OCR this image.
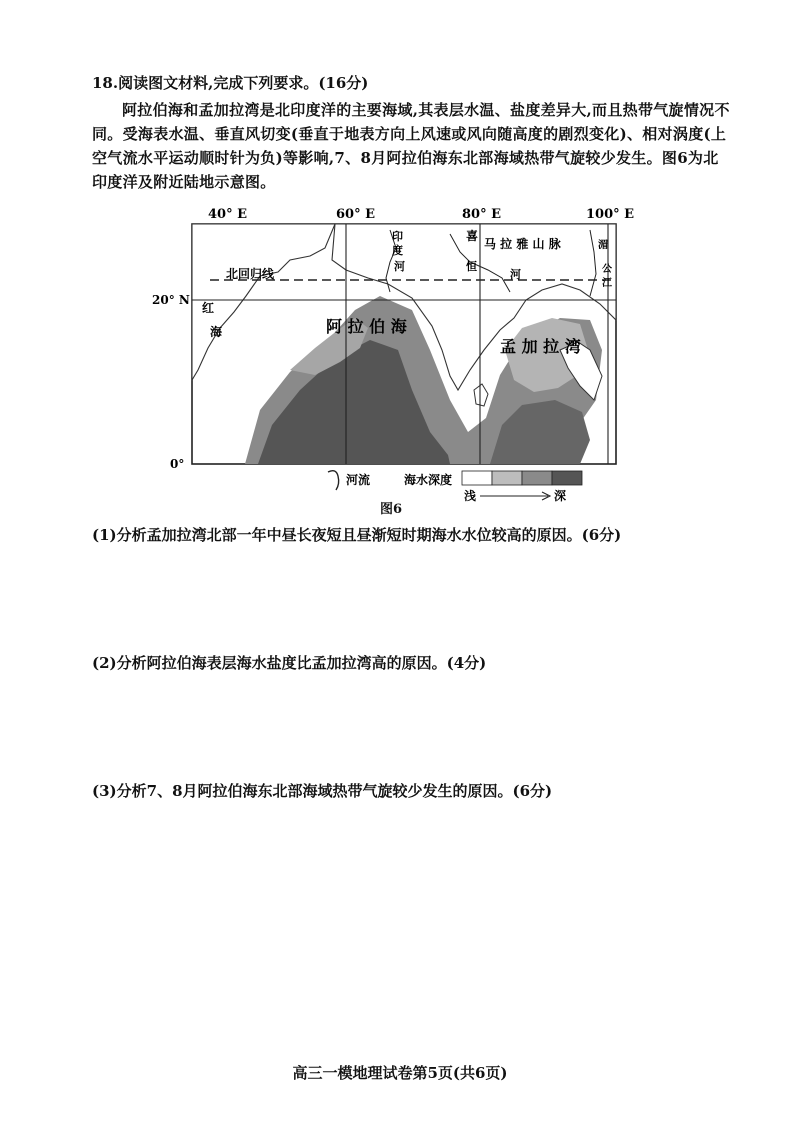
18.阅读图文材料,完成下列要求。(16分)
阿拉伯海和孟加拉湾是北印度洋的主要海域,其表层水温、盐度差异大,而且热带气旋情况不同。受海表水温、垂直风切变(垂直于地表方向上风速或风向随高度的剧烈变化)、相对涡度(上空气流水平运动顺时针为负)等影响,7、8月阿拉伯海东北部海域热带气旋较少发生。图6为北印度洋及附近陆地示意图。
40° E	60° E	80° E	100° E
20° N
0°
北回归线
红
海	阿 拉 伯 海
孟 加 拉 湾
印
度
河	恒
河
喜
马 拉 雅 山 脉	湄
公
江
河流	海水深度
浅	深
图6
(1)分析孟加拉湾北部一年中昼长夜短且昼渐短时期海水水位较高的原因。(6分)
(2)分析阿拉伯海表层海水盐度比孟加拉湾高的原因。(4分)
(3)分析7、8月阿拉伯海东北部海域热带气旋较少发生的原因。(6分)
高三一模地理试卷第5页(共6页)
